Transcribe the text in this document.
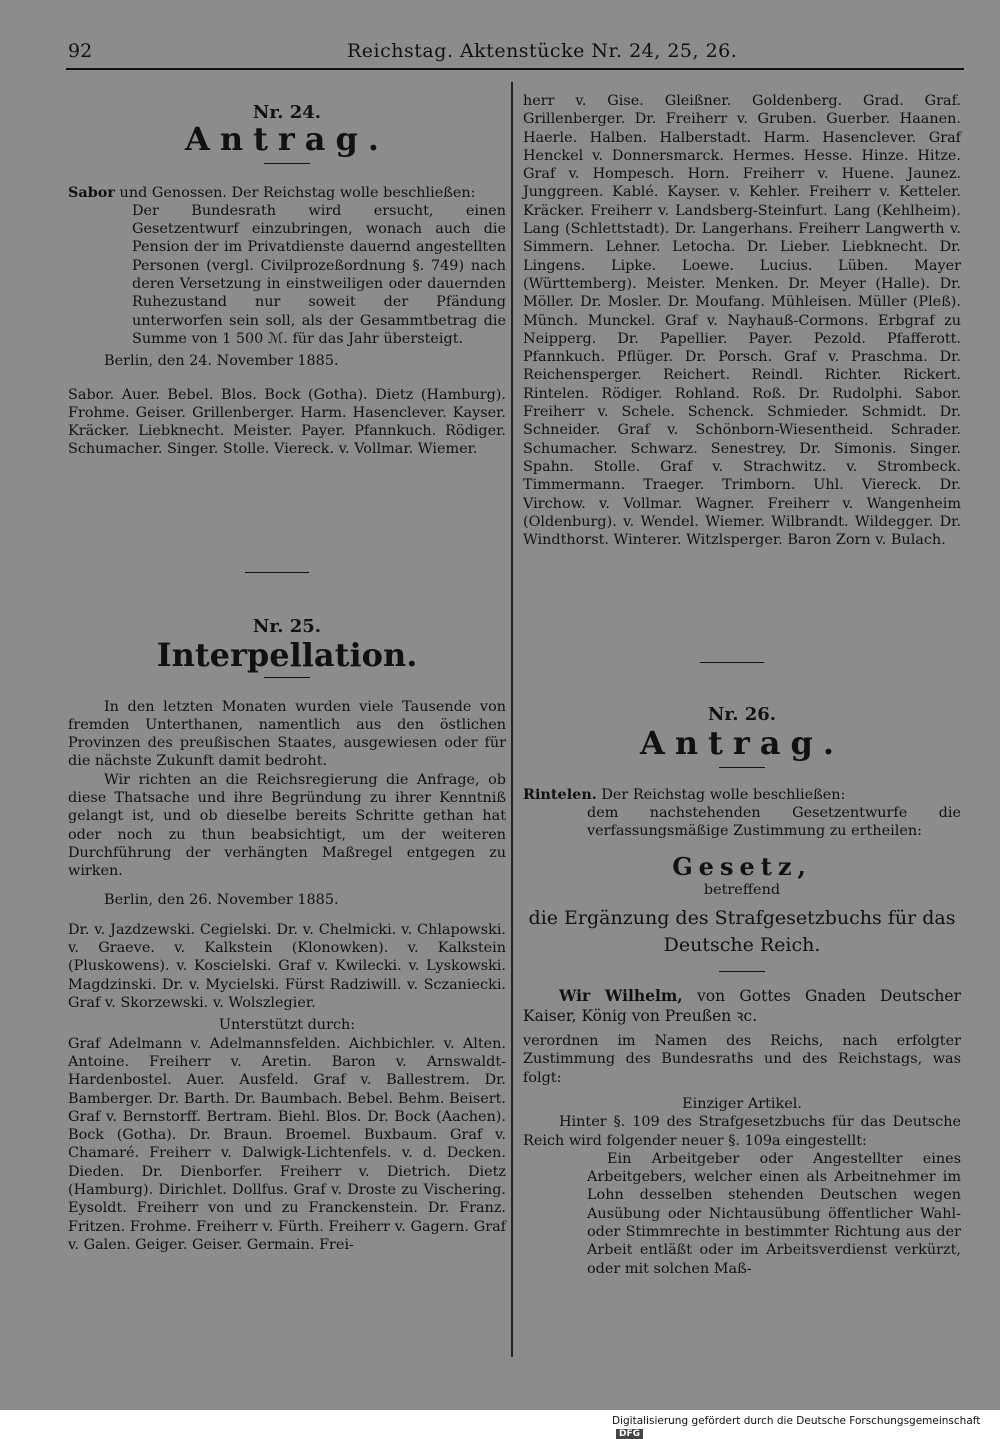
92	Reichstag. Aktenstücke Nr. 24, 25, 26.

Nr. 24.

Antrag.

Sabor und Genossen. Der Reichstag wolle beschließen:

Der Bundesrath wird ersucht, einen Gesetzentwurf einzubringen, wonach auch die Pension der im Privatdienste dauernd angestellten Personen (vergl. Civilprozeßordnung §. 749) nach deren Versetzung in einstweiligen oder dauernden Ruhezustand nur soweit der Pfändung unterworfen sein soll, als der Gesammtbetrag die Summe von 1 500 ℳ. für das Jahr übersteigt.

Berlin, den 24. November 1885.

Sabor. Auer. Bebel. Blos. Bock (Gotha). Dietz (Hamburg). Frohme. Geiser. Grillenberger. Harm. Hasenclever. Kayser. Kräcker. Liebknecht. Meister. Payer. Pfannkuch. Rödiger. Schumacher. Singer. Stolle. Viereck. v. Vollmar. Wiemer.

Nr. 25.

Interpellation.

In den letzten Monaten wurden viele Tausende von fremden Unterthanen, namentlich aus den östlichen Provinzen des preußischen Staates, ausgewiesen oder für die nächste Zukunft damit bedroht.

Wir richten an die Reichsregierung die Anfrage, ob diese Thatsache und ihre Begründung zu ihrer Kenntniß gelangt ist, und ob dieselbe bereits Schritte gethan hat oder noch zu thun beabsichtigt, um der weiteren Durchführung der verhängten Maßregel entgegen zu wirken.

Berlin, den 26. November 1885.

Dr. v. Jazdzewski. Cegielski. Dr. v. Chelmicki. v. Chlapowski. v. Graeve. v. Kalkstein (Klonowken). v. Kalkstein (Pluskowens). v. Koscielski. Graf v. Kwilecki. v. Lyskowski. Magdzinski. Dr. v. Mycielski. Fürst Radziwill. v. Sczaniecki. Graf v. Skorzewski. v. Wolszlegier.

Unterstützt durch:

Graf Adelmann v. Adelmannsfelden. Aichbichler. v. Alten. Antoine. Freiherr v. Aretin. Baron v. Arnswaldt-Hardenbostel. Auer. Ausfeld. Graf v. Ballestrem. Dr. Bamberger. Dr. Barth. Dr. Baumbach. Bebel. Behm. Beisert. Graf v. Bernstorff. Bertram. Biehl. Blos. Dr. Bock (Aachen). Bock (Gotha). Dr. Braun. Broemel. Buxbaum. Graf v. Chamaré. Freiherr v. Dalwigk-Lichtenfels. v. d. Decken. Dieden. Dr. Dienborfer. Freiherr v. Dietrich. Dietz (Hamburg). Dirichlet. Dollfus. Graf v. Droste zu Vischering. Eysoldt. Freiherr von und zu Franckenstein. Dr. Franz. Fritzen. Frohme. Freiherr v. Fürth. Freiherr v. Gagern. Graf v. Galen. Geiger. Geiser. Germain. Frei-

herr v. Gise. Gleißner. Goldenberg. Grad. Graf. Grillenberger. Dr. Freiherr v. Gruben. Guerber. Haanen. Haerle. Halben. Halberstadt. Harm. Hasenclever. Graf Henckel v. Donnersmarck. Hermes. Hesse. Hinze. Hitze. Graf v. Hompesch. Horn. Freiherr v. Huene. Jaunez. Junggreen. Kablé. Kayser. v. Kehler. Freiherr v. Ketteler. Kräcker. Freiherr v. Landsberg-Steinfurt. Lang (Kehlheim). Lang (Schlettstadt). Dr. Langerhans. Freiherr Langwerth v. Simmern. Lehner. Letocha. Dr. Lieber. Liebknecht. Dr. Lingens. Lipke. Loewe. Lucius. Lüben. Mayer (Württemberg). Meister. Menken. Dr. Meyer (Halle). Dr. Möller. Dr. Mosler. Dr. Moufang. Mühleisen. Müller (Pleß). Münch. Munckel. Graf v. Nayhauß-Cormons. Erbgraf zu Neipperg. Dr. Papellier. Payer. Pezold. Pfafferott. Pfannkuch. Pflüger. Dr. Porsch. Graf v. Praschma. Dr. Reichensperger. Reichert. Reindl. Richter. Rickert. Rintelen. Rödiger. Rohland. Roß. Dr. Rudolphi. Sabor. Freiherr v. Schele. Schenck. Schmieder. Schmidt. Dr. Schneider. Graf v. Schönborn-Wiesentheid. Schrader. Schumacher. Schwarz. Senestrey. Dr. Simonis. Singer. Spahn. Stolle. Graf v. Strachwitz. v. Strombeck. Timmermann. Traeger. Trimborn. Uhl. Viereck. Dr. Virchow. v. Vollmar. Wagner. Freiherr v. Wangenheim (Oldenburg). v. Wendel. Wiemer. Wilbrandt. Wildegger. Dr. Windthorst. Winterer. Witzlsperger. Baron Zorn v. Bulach.

Nr. 26.

Antrag.

Rintelen. Der Reichstag wolle beschließen:

dem nachstehenden Gesetzentwurfe die verfassungsmäßige Zustimmung zu ertheilen:

Gesetz,

betreffend

die Ergänzung des Strafgesetzbuchs für das Deutsche Reich.

Wir Wilhelm, von Gottes Gnaden Deutscher Kaiser, König von Preußen ꝛc.

verordnen im Namen des Reichs, nach erfolgter Zustimmung des Bundesraths und des Reichstags, was folgt:

Einziger Artikel.

Hinter §. 109 des Strafgesetzbuchs für das Deutsche Reich wird folgender neuer §. 109a eingestellt:

Ein Arbeitgeber oder Angestellter eines Arbeitgebers, welcher einen als Arbeitnehmer im Lohn desselben stehenden Deutschen wegen Ausübung oder Nichtausübung öffentlicher Wahl- oder Stimmrechte in bestimmter Richtung aus der Arbeit entläßt oder im Arbeitsverdienst verkürzt, oder mit solchen Maß-

Digitalisierung gefördert durch die Deutsche Forschungsgemeinschaft DFG
